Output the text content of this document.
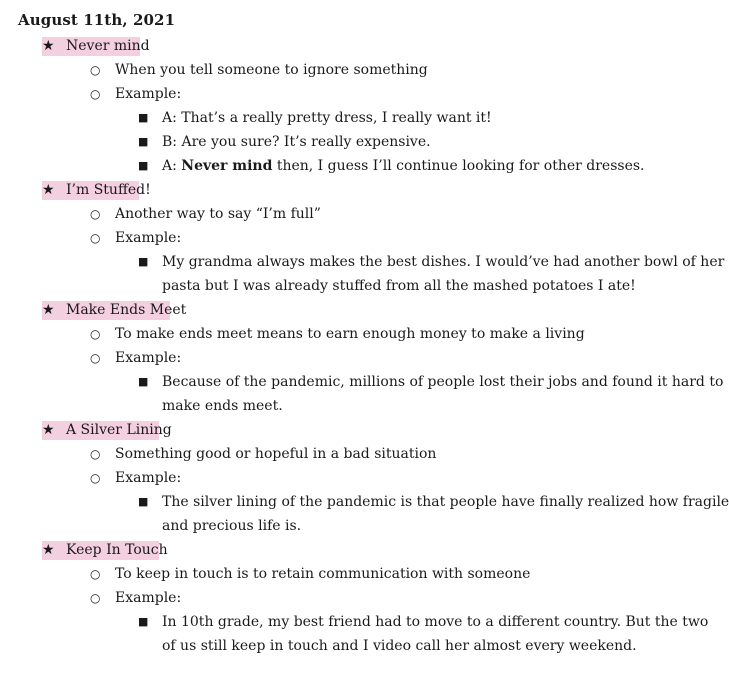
August 11th, 2021
★ Never mind
○ When you tell someone to ignore something
○ Example:
■ A: That’s a really pretty dress, I really want it!
■ B: Are you sure? It’s really expensive.
■ A: Never mind then, I guess I’ll continue looking for other dresses.
★ I’m Stuffed!
○ Another way to say “I’m full”
○ Example:
■ My grandma always makes the best dishes. I would’ve had another bowl of her
pasta but I was already stuffed from all the mashed potatoes I ate!
★ Make Ends Meet
○ To make ends meet means to earn enough money to make a living
○ Example:
■ Because of the pandemic, millions of people lost their jobs and found it hard to
make ends meet.
★ A Silver Lining
○ Something good or hopeful in a bad situation
○ Example:
■ The silver lining of the pandemic is that people have finally realized how fragile
and precious life is.
★ Keep In Touch
○ To keep in touch is to retain communication with someone
○ Example:
■ In 10th grade, my best friend had to move to a different country. But the two
of us still keep in touch and I video call her almost every weekend.
